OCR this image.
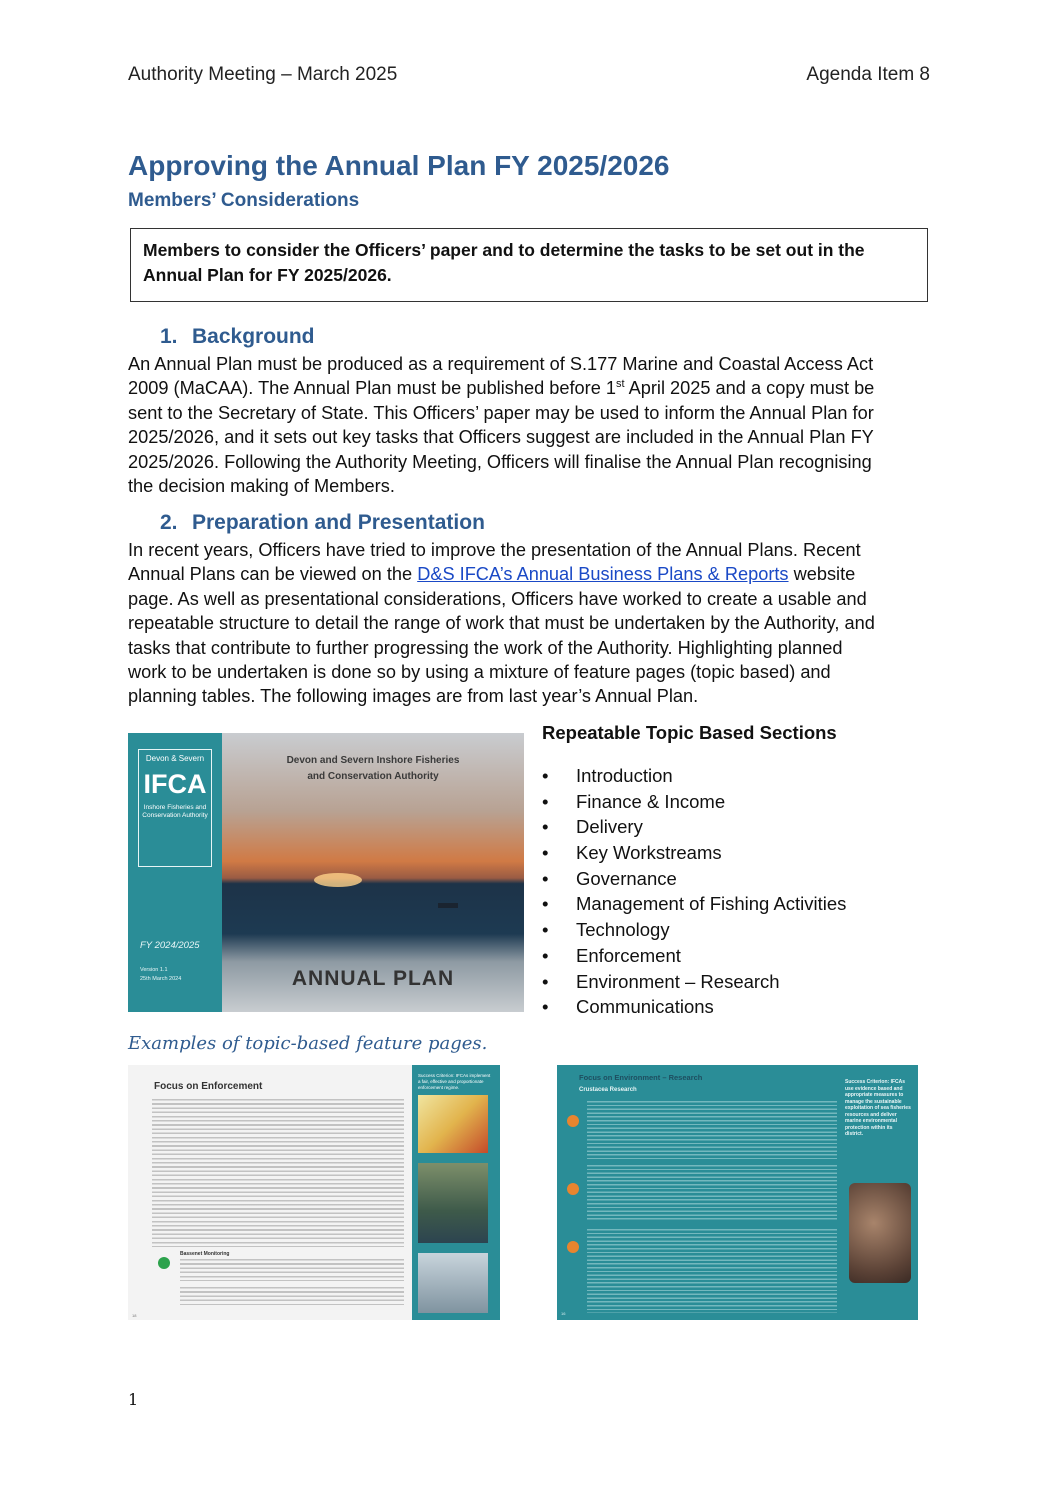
Authority Meeting – March 2025	Agenda Item 8
Approving the Annual Plan FY 2025/2026
Members’ Considerations
Members to consider the Officers’ paper and to determine the tasks to be set out in the Annual Plan for FY 2025/2026.
1. Background
An Annual Plan must be produced as a requirement of S.177 Marine and Coastal Access Act
2009 (MaCAA). The Annual Plan must be published before 1st April 2025 and a copy must be
sent to the Secretary of State. This Officers’ paper may be used to inform the Annual Plan for
2025/2026, and it sets out key tasks that Officers suggest are included in the Annual Plan FY
2025/2026. Following the Authority Meeting, Officers will finalise the Annual Plan recognising
the decision making of Members.
2. Preparation and Presentation
In recent years, Officers have tried to improve the presentation of the Annual Plans. Recent
Annual Plans can be viewed on the D&S IFCA’s Annual Business Plans & Reports website
page. As well as presentational considerations, Officers have worked to create a usable and
repeatable structure to detail the range of work that must be undertaken by the Authority, and
tasks that contribute to further progressing the work of the Authority. Highlighting planned
work to be undertaken is done so by using a mixture of feature pages (topic based) and
planning tables. The following images are from last year’s Annual Plan.
Devon & Severn
IFCA
Inshore Fisheries and Conservation Authority
FY 2024/2025
Version 1.1
25th March 2024
Devon and Severn Inshore Fisheries
and Conservation Authority
ANNUAL PLAN
Repeatable Topic Based Sections
• Introduction
• Finance & Income
• Delivery
• Key Workstreams
• Governance
• Management of Fishing Activities
• Technology
• Enforcement
• Environment – Research
• Communications
Examples of topic-based feature pages.
Focus on Enforcement
Bassenet Monitoring
Success Criterion: IFCAs implement a fair, effective and proportionate enforcement regime.
18
Focus on Environment – Research
Crustacea Research
Success Criterion: IFCAs use evidence based and appropriate measures to manage the sustainable exploitation of sea fisheries resources and deliver marine environmental protection within its district.
16
1
